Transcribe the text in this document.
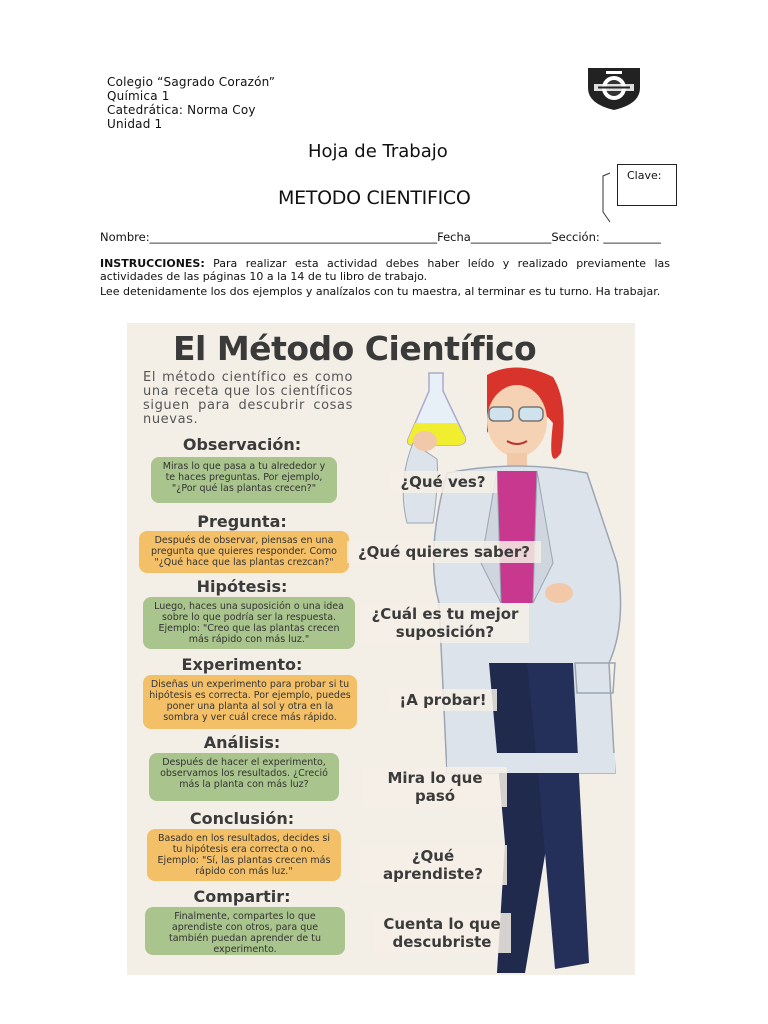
Colegio “Sagrado Corazón”
Química 1
Catedrática: Norma Coy
Unidad 1
Hoja de Trabajo
METODO CIENTIFICO
Clave:
Nombre:__________________________________________________Fecha______________Sección: __________
INSTRUCCIONES: Para realizar esta actividad debes haber leído y realizado previamente las actividades de las páginas 10 a la 14 de tu libro de trabajo.
Lee detenidamente los dos ejemplos y analízalos con tu maestra, al terminar es tu turno. Ha trabajar.
El Método Científico
El método científico es como una receta que los científicos siguen para descubrir cosas nuevas.
Observación:
Miras lo que pasa a tu alrededor y te haces preguntas. Por ejemplo, "¿Por qué las plantas crecen?"	¿Qué ves?
Pregunta:
Después de observar, piensas en una pregunta que quieres responder. Como "¿Qué hace que las plantas crezcan?"
¿Qué quieres saber?
Hipótesis:
Luego, haces una suposición o una idea sobre lo que podría ser la respuesta. Ejemplo: "Creo que las plantas crecen más rápido con más luz."
¿Cuál es tu mejor suposición?
Experimento:
Diseñas un experimento para probar si tu hipótesis es correcta. Por ejemplo, puedes poner una planta al sol y otra en la sombra y ver cuál crece más rápido.
¡A probar!
Análisis:
Después de hacer el experimento, observamos los resultados. ¿Creció más la planta con más luz?	Mira lo que pasó
Conclusión:
Basado en los resultados, decides si tu hipótesis era correcta o no. Ejemplo: "Sí, las plantas crecen más rápido con más luz."
¿Qué aprendiste?
Compartir:
Finalmente, compartes lo que aprendiste con otros, para que también puedan aprender de tu experimento.
Cuenta lo que descubriste
